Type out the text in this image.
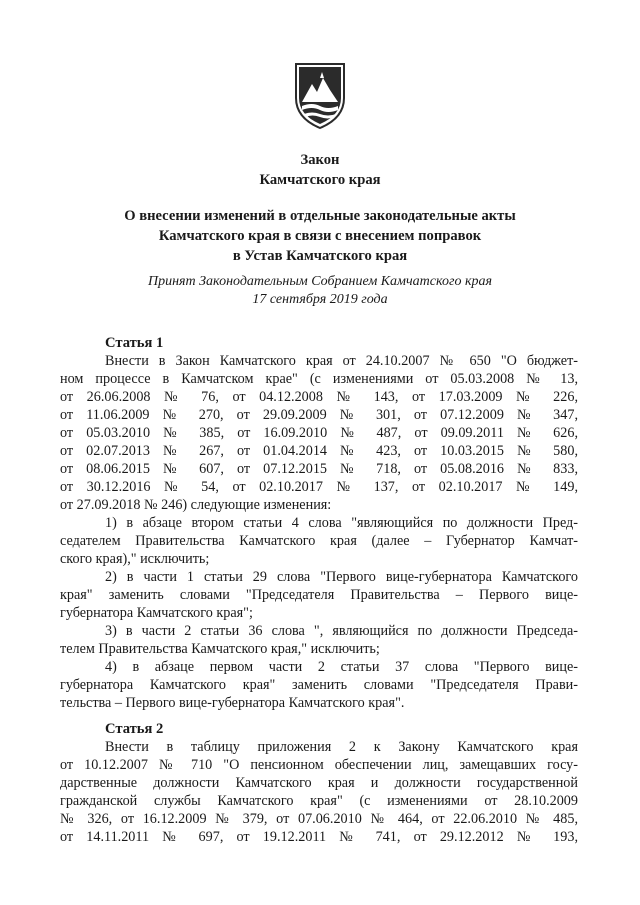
Закон
Камчатского края
О внесении изменений в отдельные законодательные акты
Камчатского края в связи с внесением поправок
в Устав Камчатского края
Принят Законодательным Собранием Камчатского края
17 сентября 2019 года
Статья 1
Внести в Закон Камчатского края от 24.10.2007 № 650 "О бюджет-
ном процессе в Камчатском крае" (с изменениями от 05.03.2008 № 13,
от 26.06.2008 № 76, от 04.12.2008 № 143, от 17.03.2009 № 226,
от 11.06.2009 № 270, от 29.09.2009 № 301, от 07.12.2009 № 347,
от 05.03.2010 № 385, от 16.09.2010 № 487, от 09.09.2011 № 626,
от 02.07.2013 № 267, от 01.04.2014 № 423, от 10.03.2015 № 580,
от 08.06.2015 № 607, от 07.12.2015 № 718, от 05.08.2016 № 833,
от 30.12.2016 № 54, от 02.10.2017 № 137, от 02.10.2017 № 149,
от 27.09.2018 № 246) следующие изменения:
1) в абзаце втором статьи 4 слова "являющийся по должности Пред-
седателем Правительства Камчатского края (далее – Губернатор Камчат-
ского края)," исключить;
2) в части 1 статьи 29 слова "Первого вице-губернатора Камчатского
края" заменить словами "Председателя Правительства – Первого вице-
губернатора Камчатского края";
3) в части 2 статьи 36 слова ", являющийся по должности Председа-
телем Правительства Камчатского края," исключить;
4) в абзаце первом части 2 статьи 37 слова "Первого вице-
губернатора Камчатского края" заменить словами "Председателя Прави-
тельства – Первого вице-губернатора Камчатского края".
Статья 2
Внести в таблицу приложения 2 к Закону Камчатского края
от 10.12.2007 № 710 "О пенсионном обеспечении лиц, замещавших госу-
дарственные должности Камчатского края и должности государственной
гражданской службы Камчатского края" (с изменениями от 28.10.2009
№ 326, от 16.12.2009 № 379, от 07.06.2010 № 464, от 22.06.2010 № 485,
от 14.11.2011 № 697, от 19.12.2011 № 741, от 29.12.2012 № 193,
